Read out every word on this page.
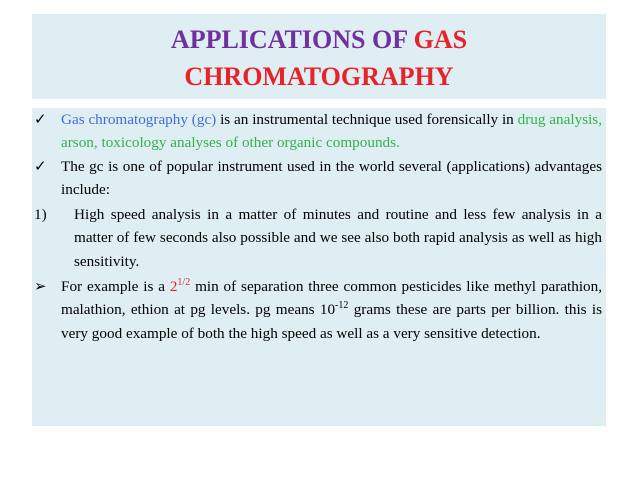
APPLICATIONS OF GAS
CHROMATOGRAPHY
✓ Gas chromatography (gc) is an instrumental technique used forensically in drug analysis, arson, toxicology analyses of other organic compounds.
✓ The gc is one of popular instrument used in the world several (applications) advantages include:
1) High speed analysis in a matter of minutes and routine and less few analysis in a matter of few seconds also possible and we see also both rapid analysis as well as high sensitivity.
➢ For example is a $2^{1/2}$ min of separation three common pesticides like methyl parathion, malathion, ethion at pg levels. pg means $10^{-12}$ grams these are parts per billion. this is very good example of both the high speed as well as a very sensitive detection.
